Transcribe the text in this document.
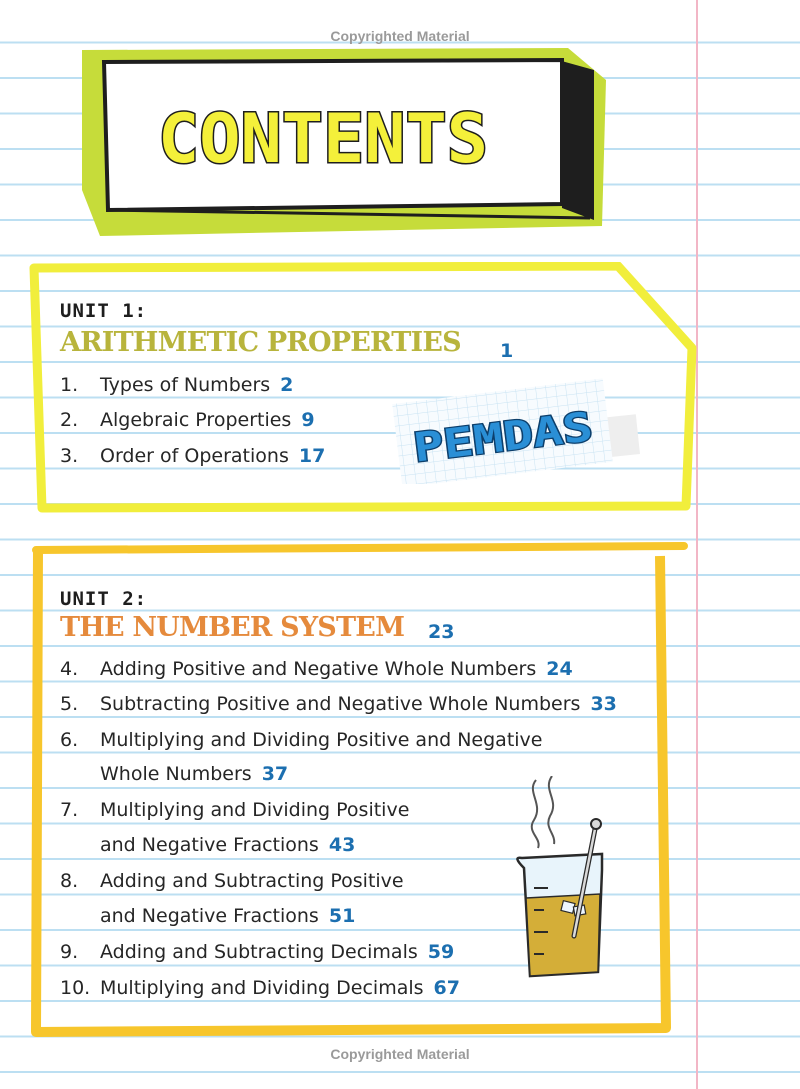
Copyrighted Material
CONTENTS
UNIT 1:
ARITHMETIC PROPERTIES 1
1. Types of Numbers 2
2. Algebraic Properties 9
3. Order of Operations 17 PEMDAS
UNIT 2:
THE NUMBER SYSTEM 23
4. Adding Positive and Negative Whole Numbers 24
5. Subtracting Positive and Negative Whole Numbers 33
6. Multiplying and Dividing Positive and Negative
Whole Numbers 37
7. Multiplying and Dividing Positive
and Negative Fractions 43
8. Adding and Subtracting Positive
and Negative Fractions 51
9. Adding and Subtracting Decimals 59
10. Multiplying and Dividing Decimals 67
Copyrighted Material
